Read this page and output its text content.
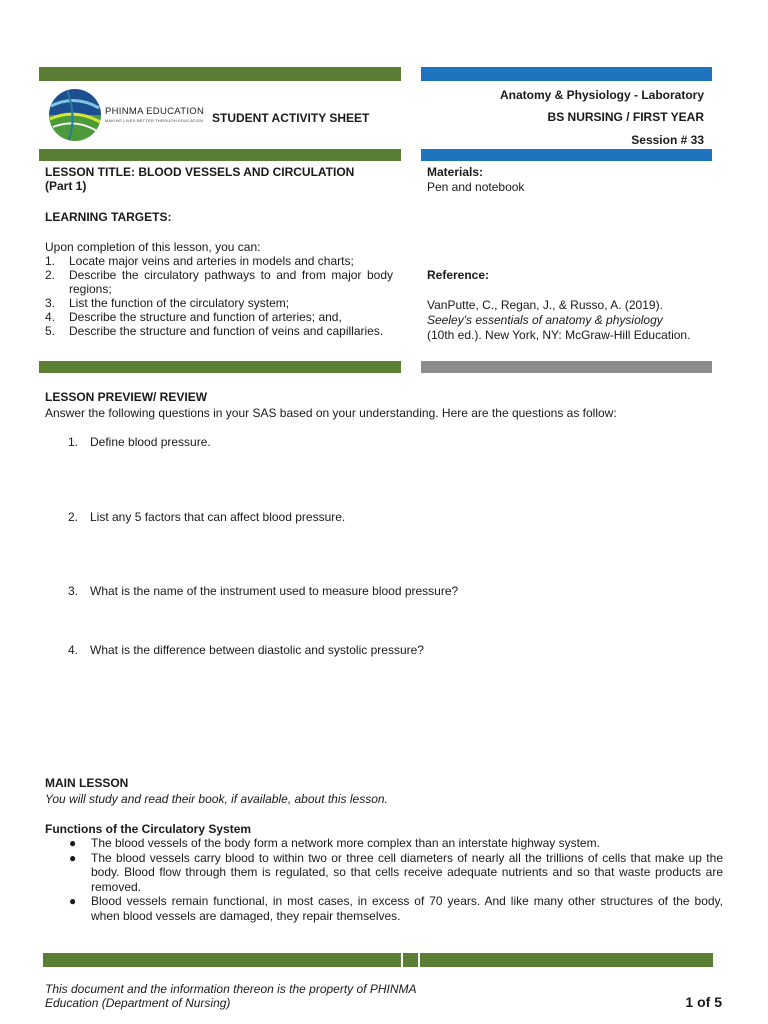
PHINMA EDUCATION
MAKING LIVES BETTER THROUGH EDUCATION STUDENT ACTIVITY SHEET
Anatomy & Physiology - Laboratory
BS NURSING / FIRST YEAR
Session # 33
LESSON TITLE: BLOOD VESSELS AND CIRCULATION
(Part 1)
LEARNING TARGETS:
Upon completion of this lesson, you can:
1. Locate major veins and arteries in models and charts;
2. Describe the circulatory pathways to and from major body regions;
3. List the function of the circulatory system;
4. Describe the structure and function of arteries; and,
5. Describe the structure and function of veins and capillaries.
Materials:
Pen and notebook
Reference:
VanPutte, C., Regan, J., & Russo, A. (2019).
Seeley's essentials of anatomy & physiology
(10th ed.). New York, NY: McGraw-Hill Education.
LESSON PREVIEW/ REVIEW
Answer the following questions in your SAS based on your understanding. Here are the questions as follow:
1. Define blood pressure.
2. List any 5 factors that can affect blood pressure.
3. What is the name of the instrument used to measure blood pressure?
4. What is the difference between diastolic and systolic pressure?
MAIN LESSON
You will study and read their book, if available, about this lesson.
Functions of the Circulatory System
● The blood vessels of the body form a network more complex than an interstate highway system.
● The blood vessels carry blood to within two or three cell diameters of nearly all the trillions of cells that make up the body. Blood flow through them is regulated, so that cells receive adequate nutrients and so that waste products are removed.
● Blood vessels remain functional, in most cases, in excess of 70 years. And like many other structures of the body, when blood vessels are damaged, they repair themselves.
This document and the information thereon is the property of PHINMA
Education (Department of Nursing)	1 of 5
